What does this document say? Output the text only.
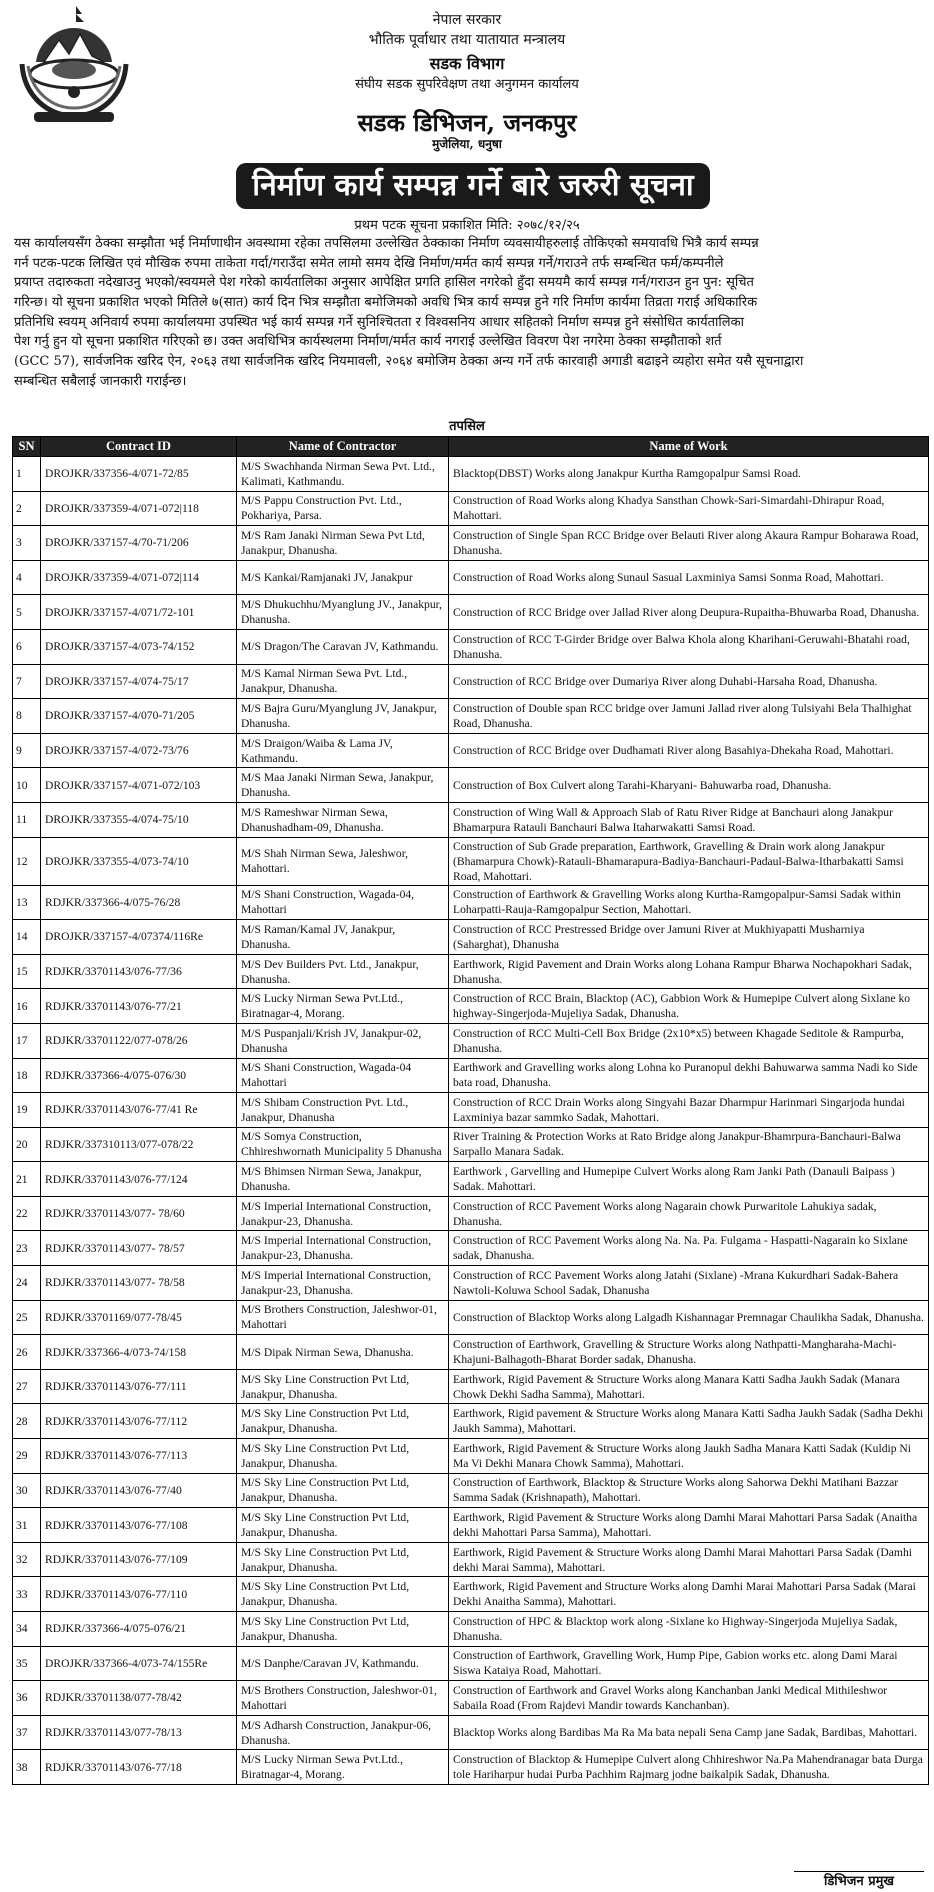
नेपाल सरकार
भौतिक पूर्वाधार तथा यातायात मन्त्रालय
सडक विभाग
संघीय सडक सुपरिवेक्षण तथा अनुगमन कार्यालय
सडक डिभिजन, जनकपुर
मुजेलिया, धनुषा
निर्माण कार्य सम्पन्न गर्ने बारे जरुरी सूचना
प्रथम पटक सूचना प्रकाशित मिति: २०७८/१२/२५
यस कार्यालयसँग ठेक्का सम्झौता भई निर्माणाधीन अवस्थामा रहेका तपसिलमा उल्लेखित ठेक्काका निर्माण व्यवसायीहरुलाई तोकिएको समयावधि भित्रै कार्य सम्पन्न
गर्न पटक-पटक लिखित एवं मौखिक रुपमा ताकेता गर्दा/गराउँदा समेत लामो समय देखि निर्माण/मर्मत कार्य सम्पन्न गर्ने/गराउने तर्फ सम्बन्धित फर्म/कम्पनीले
प्रयाप्त तदारुकता नदेखाउनु भएको/स्वयमले पेश गरेको कार्यतालिका अनुसार आपेक्षित प्रगति हासिल नगरेको हुँदा समयमै कार्य सम्पन्न गर्न/गराउन हुन पुन: सूचित
गरिन्छ। यो सूचना प्रकाशित भएको मितिले ७(सात) कार्य दिन भित्र सम्झौता बमोजिमको अवधि भित्र कार्य सम्पन्न हुने गरि निर्माण कार्यमा तिव्रता गराई अधिकारिक
प्रतिनिधि स्वयम् अनिवार्य रुपमा कार्यालयमा उपस्थित भई कार्य सम्पन्न गर्ने सुनिश्चितता र विश्वसनिय आधार सहितको निर्माण सम्पन्न हुने संसोधित कार्यतालिका
पेश गर्नु हुन यो सूचना प्रकाशित गरिएको छ। उक्त अवधिभित्र कार्यस्थलमा निर्माण/मर्मत कार्य नगराई उल्लेखित विवरण पेश नगरेमा ठेक्का सम्झौताको शर्त
(GCC 57), सार्वजनिक खरिद ऐन, २०६३ तथा सार्वजनिक खरिद नियमावली, २०६४ बमोजिम ठेक्का अन्य गर्ने तर्फ कारवाही अगाडी बढाइने व्यहोरा समेत यसै सूचनाद्वारा
सम्बन्धित सबैलाई जानकारी गराईन्छ।
तपसिल
SN	Contract ID	Name of Contractor	Name of Work
1	DROJKR/337356-4/071-72/85	M/S Swachhanda Nirman Sewa Pvt. Ltd., Kalimati, Kathmandu.	Blacktop(DBST) Works along Janakpur Kurtha Ramgopalpur Samsi Road.
2	DROJKR/337359-4/071-072|118	M/S Pappu Construction Pvt. Ltd., Pokhariya, Parsa.	Construction of Road Works along Khadya Sansthan Chowk-Sari-Simardahi-Dhirapur Road, Mahottari.
3	DROJKR/337157-4/70-71/206	M/S Ram Janaki Nirman Sewa Pvt Ltd, Janakpur, Dhanusha.	Construction of Single Span RCC Bridge over Belauti River along Akaura Rampur Boharawa Road, Dhanusha.
4	DROJKR/337359-4/071-072|114	M/S Kankai/Ramjanaki JV, Janakpur	Construction of Road Works along Sunaul Sasual Laxminiya Samsi Sonma Road, Mahottari.
5	DROJKR/337157-4/071/72-101	M/S Dhukuchhu/Myanglung JV., Janakpur, Dhanusha.	Construction of RCC Bridge over Jallad River along Deupura-Rupaitha-Bhuwarba Road, Dhanusha.
6	DROJKR/337157-4/073-74/152	M/S Dragon/The Caravan JV, Kathmandu.	Construction of RCC T-Girder Bridge over Balwa Khola along Kharihani-Geruwahi-Bhatahi road, Dhanusha.
7	DROJKR/337157-4/074-75/17	M/S Kamal Nirman Sewa Pvt. Ltd., Janakpur, Dhanusha.	Construction of RCC Bridge over Dumariya River along Duhabi-Harsaha Road, Dhanusha.
8	DROJKR/337157-4/070-71/205	M/S Bajra Guru/Myanglung JV, Janakpur, Dhanusha.	Construction of Double span RCC bridge over Jamuni Jallad river along Tulsiyahi Bela Thalhighat Road, Dhanusha.
9	DROJKR/337157-4/072-73/76	M/S Draigon/Waiba & Lama JV, Kathmandu.	Construction of RCC Bridge over Dudhamati River along Basahiya-Dhekaha Road, Mahottari.
10	DROJKR/337157-4/071-072/103	M/S Maa Janaki Nirman Sewa, Janakpur, Dhanusha.	Construction of Box Culvert along Tarahi-Kharyani- Bahuwarba road, Dhanusha.
11	DROJKR/337355-4/074-75/10	M/S Rameshwar Nirman Sewa, Dhanushadham-09, Dhanusha.	Construction of Wing Wall & Approach Slab of Ratu River Ridge at Banchauri along Janakpur Bhamarpura Ratauli Banchauri Balwa Itaharwakatti Samsi Road.
12	DROJKR/337355-4/073-74/10	M/S Shah Nirman Sewa, Jaleshwor, Mahottari.	Construction of Sub Grade preparation, Earthwork, Gravelling & Drain work along Janakpur (Bhamarpura Chowk)-Ratauli-Bhamarapura-Badiya-Banchauri-Padaul-Balwa-Itharbakatti Samsi Road, Mahottari.
13	RDJKR/337366-4/075-76/28	M/S Shani Construction, Wagada-04, Mahottari	Construction of Earthwork & Gravelling Works along Kurtha-Ramgopalpur-Samsi Sadak within Loharpatti-Rauja-Ramgopalpur Section, Mahottari.
14	DROJKR/337157-4/07374/116Re	M/S Raman/Kamal JV, Janakpur, Dhanusha.	Construction of RCC Prestressed Bridge over Jamuni River at Mukhiyapatti Musharniya (Saharghat), Dhanusha
15	RDJKR/33701143/076-77/36	M/S Dev Builders Pvt. Ltd., Janakpur, Dhanusha.	Earthwork, Rigid Pavement and Drain Works along Lohana Rampur Bharwa Nochapokhari Sadak, Dhanusha.
16	RDJKR/33701143/076-77/21	M/S Lucky Nirman Sewa Pvt.Ltd., Biratnagar-4, Morang.	Construction of RCC Brain, Blacktop (AC), Gabbion Work & Humepipe Culvert along Sixlane ko highway-Singerjoda-Mujeliya Sadak, Dhanusha.
17	RDJKR/33701122/077-078/26	M/S Puspanjali/Krish JV, Janakpur-02, Dhanusha	Construction of RCC Multi-Cell Box Bridge (2x10*x5) between Khagade Seditole & Rampurba, Dhanusha.
18	RDJKR/337366-4/075-076/30	M/S Shani Construction, Wagada-04 Mahottari	Earthwork and Gravelling works along Lohna ko Puranopul dekhi Bahuwarwa samma Nadi ko Side bata road, Dhanusha.
19	RDJKR/33701143/076-77/41 Re	M/S Shibam Construction Pvt. Ltd., Janakpur, Dhanusha	Construction of RCC Drain Works along Singyahi Bazar Dharmpur Harinmari Singarjoda hundai Laxminiya bazar sammko Sadak, Mahottari.
20	RDJKR/337310113/077-078/22	M/S Somya Construction, Chhireshwornath Municipality 5 Dhanusha	River Training & Protection Works at Rato Bridge along Janakpur-Bhamrpura-Banchauri-Balwa Sarpallo Manara Sadak.
21	RDJKR/33701143/076-77/124	M/S Bhimsen Nirman Sewa, Janakpur, Dhanusha.	Earthwork , Garvelling and Humepipe Culvert Works along Ram Janki Path (Danauli Baipass ) Sadak. Mahottari.
22	RDJKR/33701143/077- 78/60	M/S Imperial International Construction, Janakpur-23, Dhanusha.	Construction of RCC Pavement Works along Nagarain chowk Purwaritole Lahukiya sadak, Dhanusha.
23	RDJKR/33701143/077- 78/57	M/S Imperial International Construction, Janakpur-23, Dhanusha.	Construction of RCC Pavement Works along Na. Na. Pa. Fulgama - Haspatti-Nagarain ko Sixlane sadak, Dhanusha.
24	RDJKR/33701143/077- 78/58	M/S Imperial International Construction, Janakpur-23, Dhanusha.	Construction of RCC Pavement Works along Jatahi (Sixlane) -Mrana Kukurdhari Sadak-Bahera Nawtoli-Koluwa School Sadak, Dhanusha
25	RDJKR/33701169/077-78/45	M/S Brothers Construction, Jaleshwor-01, Mahottari	Construction of Blacktop Works along Lalgadh Kishannagar Premnagar Chaulikha Sadak, Dhanusha.
26	RDJKR/337366-4/073-74/158	M/S Dipak Nirman Sewa, Dhanusha.	Construction of Earthwork, Gravelling & Structure Works along Nathpatti-Mangharaha-Machi-Khajuni-Balhagoth-Bharat Border sadak, Dhanusha.
27	RDJKR/33701143/076-77/111	M/S Sky Line Construction Pvt Ltd, Janakpur, Dhanusha.	Earthwork, Rigid Pavement & Structure Works along Manara Katti Sadha Jaukh Sadak (Manara Chowk Dekhi Sadha Samma), Mahottari.
28	RDJKR/33701143/076-77/112	M/S Sky Line Construction Pvt Ltd, Janakpur, Dhanusha.	Earthwork, Rigid pavement & Structure Works along Manara Katti Sadha Jaukh Sadak (Sadha Dekhi Jaukh Samma), Mahottari.
29	RDJKR/33701143/076-77/113	M/S Sky Line Construction Pvt Ltd, Janakpur, Dhanusha.	Earthwork, Rigid Pavement & Structure Works along Jaukh Sadha Manara Katti Sadak (Kuldip Ni Ma Vi Dekhi Manara Chowk Samma), Mahottari.
30	RDJKR/33701143/076-77/40	M/S Sky Line Construction Pvt Ltd, Janakpur, Dhanusha.	Construction of Earthwork, Blacktop & Structure Works along Sahorwa Dekhi Matihani Bazzar Samma Sadak (Krishnapath), Mahottari.
31	RDJKR/33701143/076-77/108	M/S Sky Line Construction Pvt Ltd, Janakpur, Dhanusha.	Earthwork, Rigid Pavement & Structure Works along Damhi Marai Mahottari Parsa Sadak (Anaitha dekhi Mahottari Parsa Samma), Mahottari.
32	RDJKR/33701143/076-77/109	M/S Sky Line Construction Pvt Ltd, Janakpur, Dhanusha.	Earthwork, Rigid Pavement & Structure Works along Damhi Marai Mahottari Parsa Sadak (Damhi dekhi Marai Samma), Mahottari.
33	RDJKR/33701143/076-77/110	M/S Sky Line Construction Pvt Ltd, Janakpur, Dhanusha.	Earthwork, Rigid Pavement and Structure Works along Damhi Marai Mahottari Parsa Sadak (Marai Dekhi Anaitha Samma), Mahottari.
34	RDJKR/337366-4/075-076/21	M/S Sky Line Construction Pvt Ltd, Janakpur, Dhanusha.	Construction of HPC & Blacktop work along -Sixlane ko Highway-Singerjoda Mujeliya Sadak, Dhanusha.
35	DROJKR/337366-4/073-74/155Re	M/S Danphe/Caravan JV, Kathmandu.	Construction of Earthwork, Gravelling Work, Hump Pipe, Gabion works etc. along Dami Marai Siswa Kataiya Road, Mahottari.
36	RDJKR/33701138/077-78/42	M/S Brothers Construction, Jaleshwor-01, Mahottari	Construction of Earthwork and Gravel Works along Kanchanban Janki Medical Mithileshwor Sabaila Road (From Rajdevi Mandir towards Kanchanban).
37	RDJKR/33701143/077-78/13	M/S Adharsh Construction, Janakpur-06, Dhanusha.	Blacktop Works along Bardibas Ma Ra Ma bata nepali Sena Camp jane Sadak, Bardibas, Mahottari.
38	RDJKR/33701143/076-77/18	M/S Lucky Nirman Sewa Pvt.Ltd., Biratnagar-4, Morang.	Construction of Blacktop & Humepipe Culvert along Chhireshwor Na.Pa Mahendranagar bata Durga tole Hariharpur hudai Purba Pachhim Rajmarg jodne baikalpik Sadak, Dhanusha.
डिभिजन प्रमुख
